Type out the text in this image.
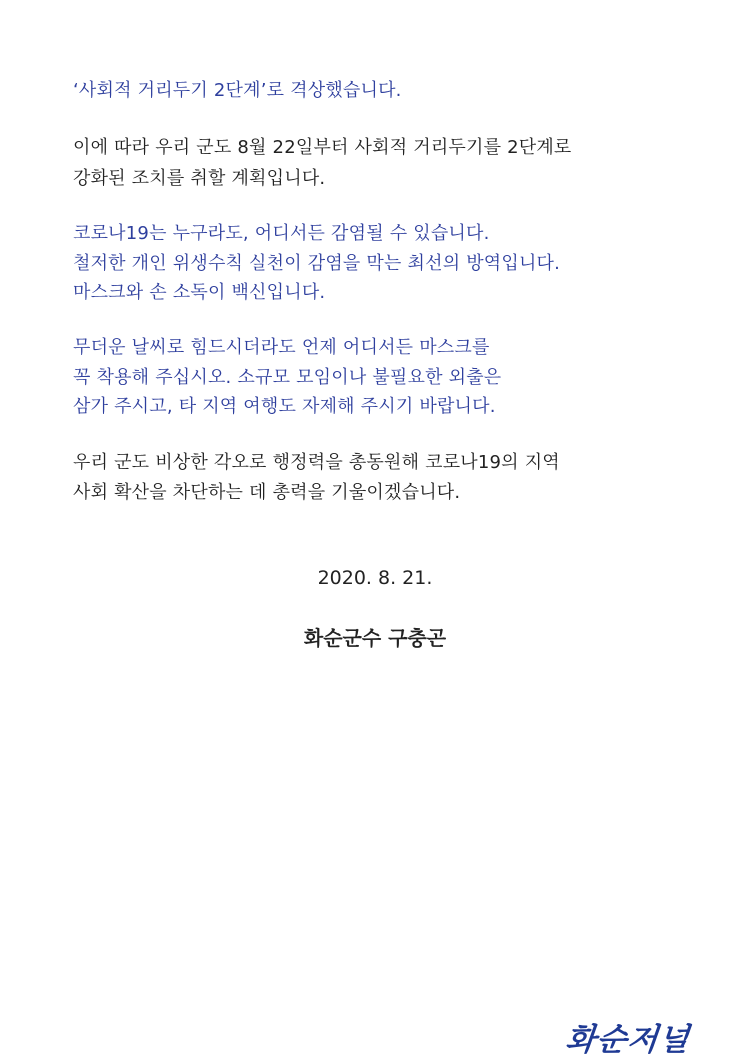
‘사회적 거리두기 2단계’로 격상했습니다.
이에 따라 우리 군도 8월 22일부터 사회적 거리두기를 2단계로
강화된 조치를 취할 계획입니다.
코로나19는 누구라도, 어디서든 감염될 수 있습니다.
철저한 개인 위생수칙 실천이 감염을 막는 최선의 방역입니다.
마스크와 손 소독이 백신입니다.
무더운 날씨로 힘드시더라도 언제 어디서든 마스크를
꼭 착용해 주십시오. 소규모 모임이나 불필요한 외출은
삼가 주시고, 타 지역 여행도 자제해 주시기 바랍니다.
우리 군도 비상한 각오로 행정력을 총동원해 코로나19의 지역
사회 확산을 차단하는 데 총력을 기울이겠습니다.
2020. 8. 21.
화순군수 구충곤
화순저널
